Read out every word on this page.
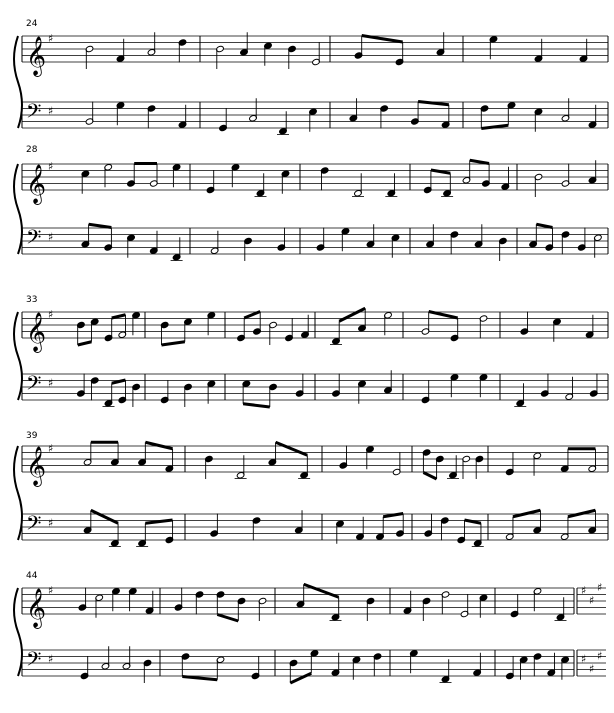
24
28
33
39
44
𝄞 ♯
𝄢 ♯
𝄞 ♯
𝄢 ♯
𝄞 ♯
𝄢 ♯
𝄞 ♯
𝄢 ♯
𝄞 ♯
𝄢 ♯
♯
♯
♯
♯
♯
♯
